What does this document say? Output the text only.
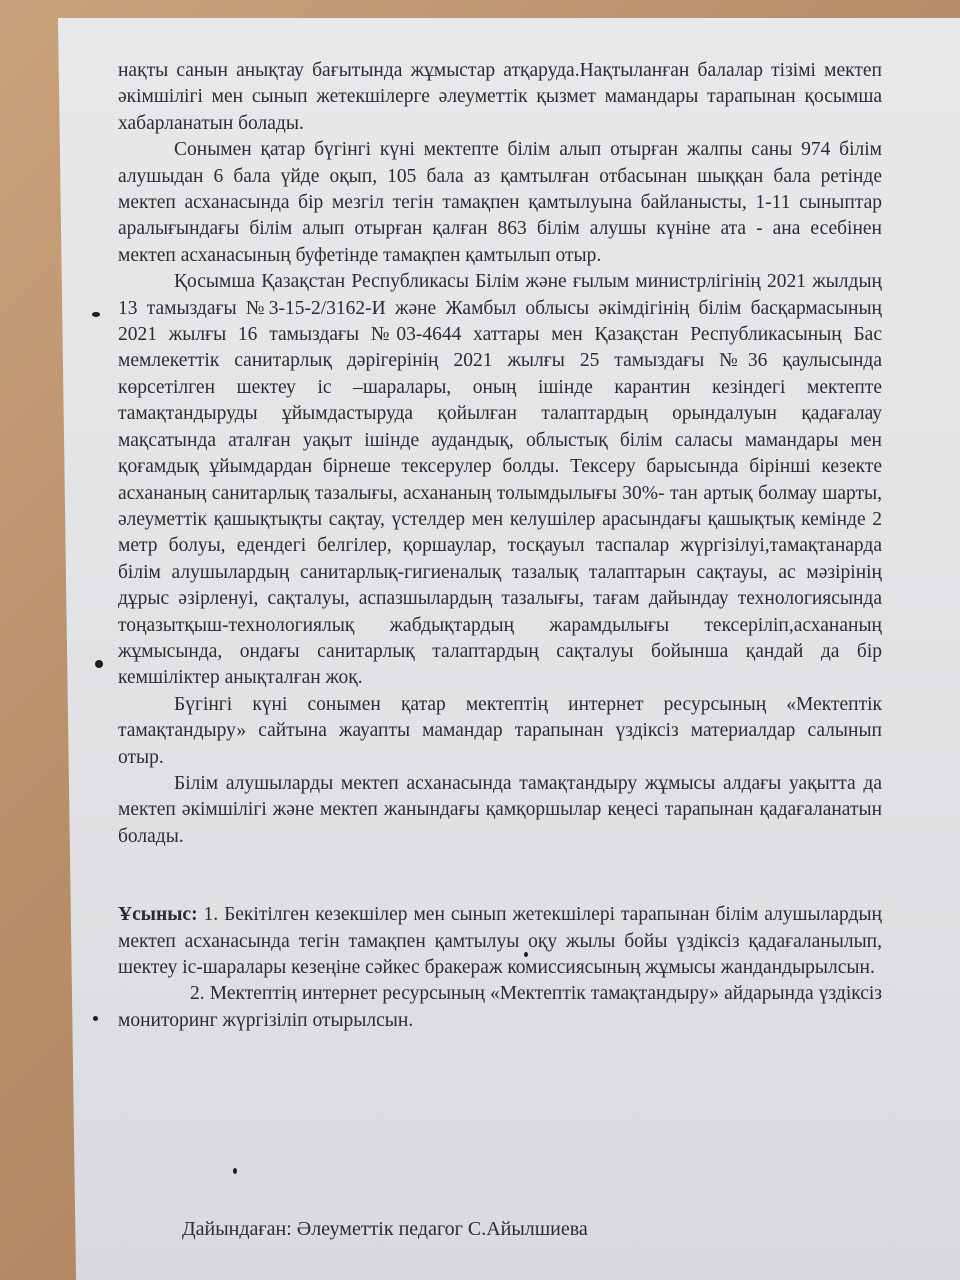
нақты санын анықтау бағытында жұмыстар атқаруда.Нақтыланған балалар тізімі мектеп әкімшілігі мен сынып жетекшілерге әлеуметтік қызмет мамандары тарапынан қосымша хабарланатын болады.

Сонымен қатар бүгінгі күні мектепте білім алып отырған жалпы саны 974 білім алушыдан 6 бала үйде оқып, 105 бала аз қамтылған отбасынан шыққан бала ретінде мектеп асханасында бір мезгіл тегін тамақпен қамтылуына байланысты, 1-11 сыныптар аралығындағы білім алып отырған қалған 863 білім алушы күніне ата - ана есебінен мектеп асханасының буфетінде тамақпен қамтылып отыр.

Қосымша Қазақстан Республикасы Білім және ғылым министрлігінің 2021 жылдың 13 тамыздағы №3-15-2/3162-И және Жамбыл облысы әкімдігінің білім басқармасының 2021 жылғы 16 тамыздағы №03-4644 хаттары мен Қазақстан Республикасының Бас мемлекеттік санитарлық дәрігерінің 2021 жылғы 25 тамыздағы №36 қаулысында көрсетілген шектеу іс –шаралары, оның ішінде карантин кезіндегі мектепте тамақтандыруды ұйымдастыруда қойылған талаптардың орындалуын қадағалау мақсатында аталған уақыт ішінде аудандық, облыстық білім саласы мамандары мен қоғамдық ұйымдардан бірнеше тексерулер болды. Тексеру барысында бірінші кезекте асхананың санитарлық тазалығы, асхананың толымдылығы 30%- тан артық болмау шарты, әлеуметтік қашықтықты сақтау, үстелдер мен келушілер арасындағы қашықтық кемінде 2 метр болуы, едендегі белгілер, қоршаулар, тосқауыл таспалар жүргізілуі,тамақтанарда білім алушылардың санитарлық-гигиеналық тазалық талаптарын сақтауы, ас мәзірінің дұрыс әзірленуі, сақталуы, аспазшылардың тазалығы, тағам дайындау технологиясында тоңазытқыш-технологиялық жабдықтардың жарамдылығы тексеріліп,асхананың жұмысында, ондағы санитарлық талаптардың сақталуы бойынша қандай да бір кемшіліктер анықталған жоқ.

Бүгінгі күні сонымен қатар мектептің интернет ресурсының «Мектептік тамақтандыру» сайтына жауапты мамандар тарапынан үздіксіз материалдар салынып отыр.

Білім алушыларды мектеп асханасында тамақтандыру жұмысы алдағы уақытта да мектеп әкімшілігі және мектеп жанындағы қамқоршылар кеңесі тарапынан қадағаланатын болады.

Ұсыныс: 1. Бекітілген кезекшілер мен сынып жетекшілері тарапынан білім алушылардың мектеп асханасында тегін тамақпен қамтылуы оқу жылы бойы үздіксіз қадағаланылып, шектеу іс-шаралары кезеңіне сәйкес бракераж комиссиясының жұмысы жандандырылсын.

2. Мектептің интернет ресурсының «Мектептік тамақтандыру» айдарында үздіксіз мониторинг жүргізіліп отырылсын.

Дайындаған: Әлеуметтік педагог С.Айылшиева
